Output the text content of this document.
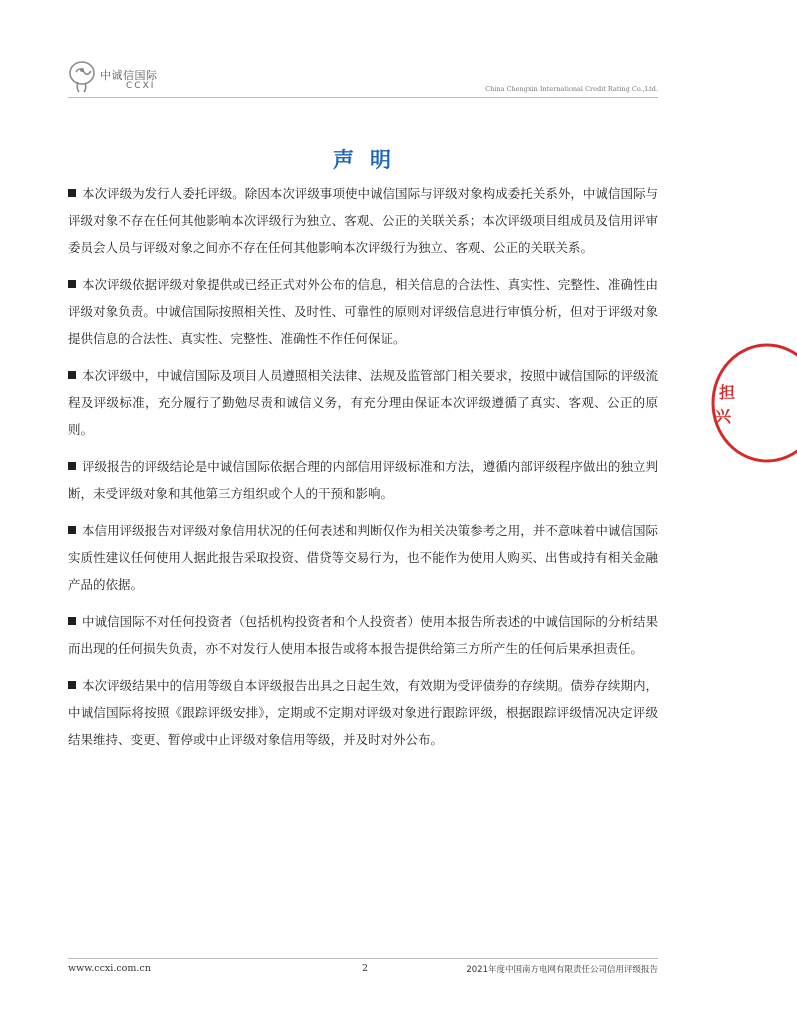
中诚信国际
CCXI	China Chengxin International Credit Rating Co.,Ltd.
声明

本次评级为发行人委托评级。除因本次评级事项使中诚信国际与评级对象构成委托关系外，中诚信国际与评级对象不存在任何其他影响本次评级行为独立、客观、公正的关联关系；本次评级项目组成员及信用评审委员会人员与评级对象之间亦不存在任何其他影响本次评级行为独立、客观、公正的关联关系。

本次评级依据评级对象提供或已经正式对外公布的信息，相关信息的合法性、真实性、完整性、准确性由评级对象负责。中诚信国际按照相关性、及时性、可靠性的原则对评级信息进行审慎分析，但对于评级对象提供信息的合法性、真实性、完整性、准确性不作任何保证。

本次评级中，中诚信国际及项目人员遵照相关法律、法规及监管部门相关要求，按照中诚信国际的评级流程及评级标准，充分履行了勤勉尽责和诚信义务，有充分理由保证本次评级遵循了真实、客观、公正的原则。

评级报告的评级结论是中诚信国际依据合理的内部信用评级标准和方法，遵循内部评级程序做出的独立判断，未受评级对象和其他第三方组织或个人的干预和影响。

本信用评级报告对评级对象信用状况的任何表述和判断仅作为相关决策参考之用，并不意味着中诚信国际实质性建议任何使用人据此报告采取投资、借贷等交易行为，也不能作为使用人购买、出售或持有相关金融产品的依据。

中诚信国际不对任何投资者（包括机构投资者和个人投资者）使用本报告所表述的中诚信国际的分析结果而出现的任何损失负责，亦不对发行人使用本报告或将本报告提供给第三方所产生的任何后果承担责任。

本次评级结果中的信用等级自本评级报告出具之日起生效，有效期为受评债券的存续期。债券存续期内，中诚信国际将按照《跟踪评级安排》，定期或不定期对评级对象进行跟踪评级，根据跟踪评级情况决定评级结果维持、变更、暂停或中止评级对象信用等级，并及时对外公布。

担
兴
www.ccxi.com.cn	2	2021年度中国南方电网有限责任公司信用评级报告
